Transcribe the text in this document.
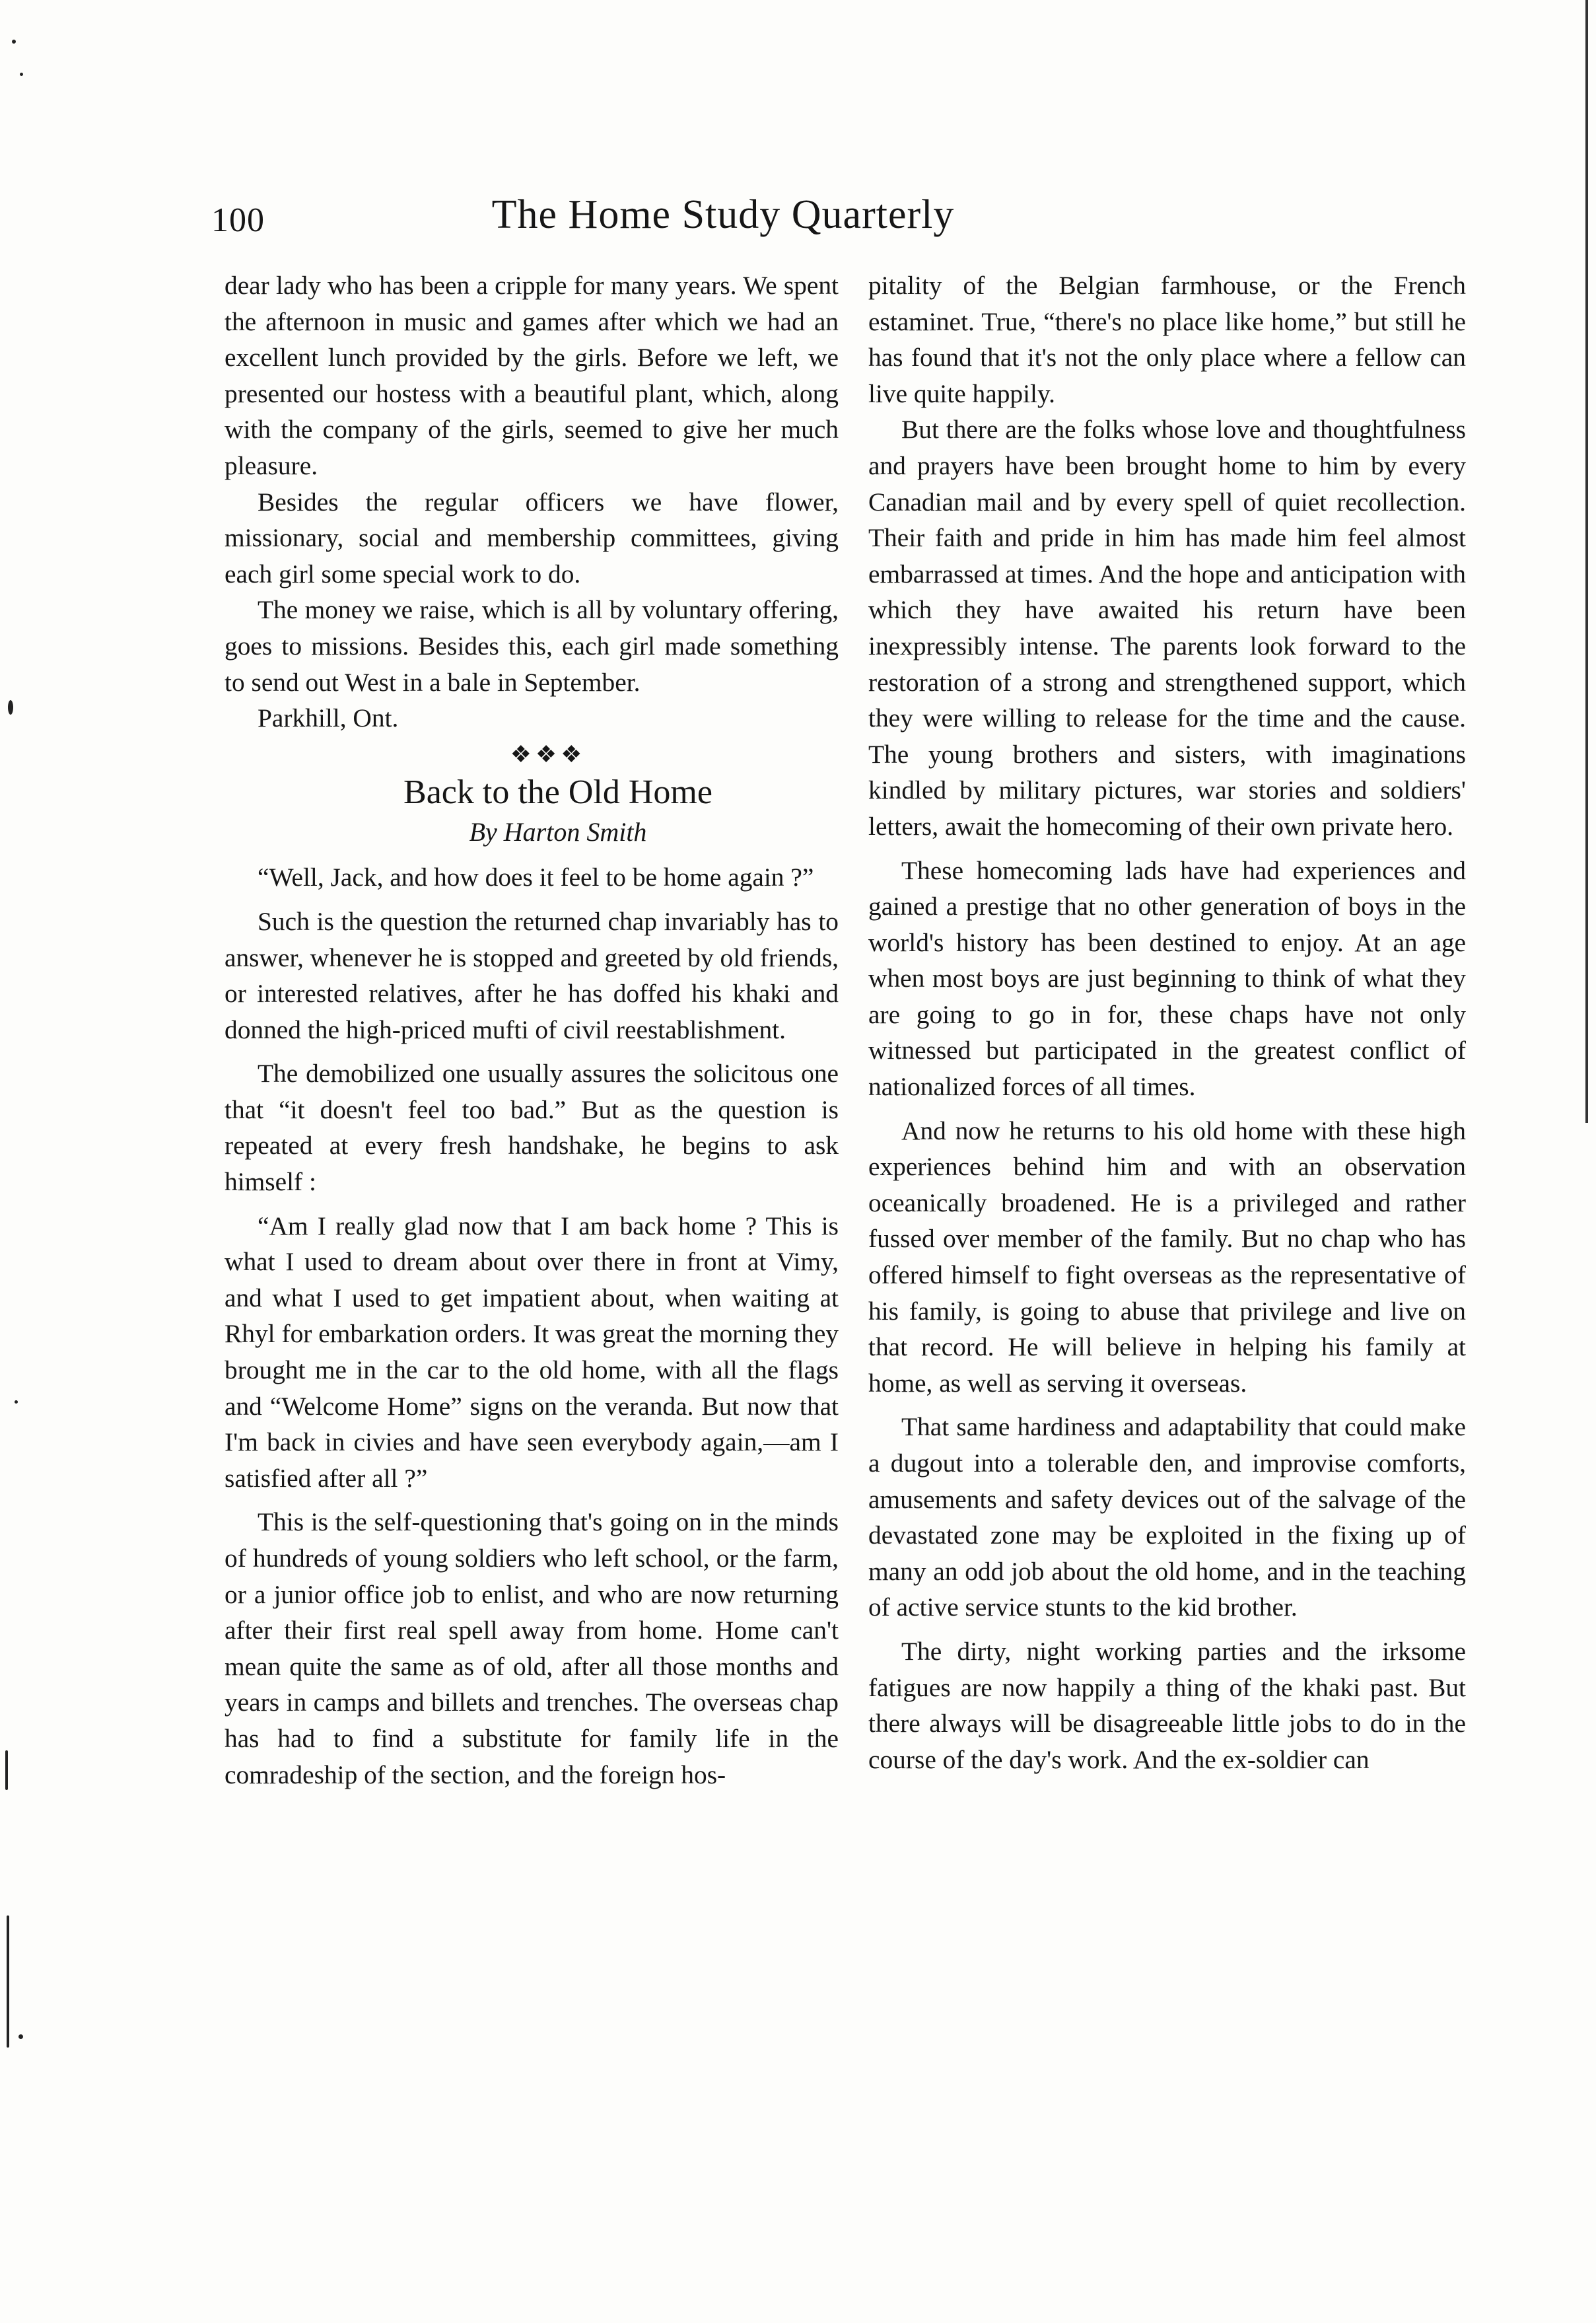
100	The Home Study Quarterly

dear lady who has been a cripple for many years. We spent the afternoon in music and games after which we had an excellent lunch provided by the girls. Before we left, we presented our hostess with a beautiful plant, which, along with the company of the girls, seemed to give her much pleasure.

Besides the regular officers we have flower, missionary, social and membership committees, giving each girl some special work to do.

The money we raise, which is all by voluntary offering, goes to missions. Besides this, each girl made something to send out West in a bale in September.

Parkhill, Ont.

❖❖❖

Back to the Old Home

By Harton Smith

“Well, Jack, and how does it feel to be home again ?”

Such is the question the returned chap invariably has to answer, whenever he is stopped and greeted by old friends, or interested relatives, after he has doffed his khaki and donned the high-priced mufti of civil reestablishment.

The demobilized one usually assures the solicitous one that “it doesn't feel too bad.” But as the question is repeated at every fresh handshake, he begins to ask himself :

“Am I really glad now that I am back home ? This is what I used to dream about over there in front at Vimy, and what I used to get impatient about, when waiting at Rhyl for embarkation orders. It was great the morning they brought me in the car to the old home, with all the flags and “Welcome Home” signs on the veranda. But now that I'm back in civies and have seen everybody again,—am I satisfied after all ?”

This is the self-questioning that's going on in the minds of hundreds of young soldiers who left school, or the farm, or a junior office job to enlist, and who are now returning after their first real spell away from home. Home can't mean quite the same as of old, after all those months and years in camps and billets and trenches. The overseas chap has had to find a substitute for family life in the comradeship of the section, and the foreign hos-

pitality of the Belgian farmhouse, or the French estaminet. True, “there's no place like home,” but still he has found that it's not the only place where a fellow can live quite happily.

But there are the folks whose love and thoughtfulness and prayers have been brought home to him by every Canadian mail and by every spell of quiet recollection. Their faith and pride in him has made him feel almost embarrassed at times. And the hope and anticipation with which they have awaited his return have been inexpressibly intense. The parents look forward to the restoration of a strong and strengthened support, which they were willing to release for the time and the cause. The young brothers and sisters, with imaginations kindled by military pictures, war stories and soldiers' letters, await the homecoming of their own private hero.

These homecoming lads have had experiences and gained a prestige that no other generation of boys in the world's history has been destined to enjoy. At an age when most boys are just beginning to think of what they are going to go in for, these chaps have not only witnessed but participated in the greatest conflict of nationalized forces of all times.

And now he returns to his old home with these high experiences behind him and with an observation oceanically broadened. He is a privileged and rather fussed over member of the family. But no chap who has offered himself to fight overseas as the representative of his family, is going to abuse that privilege and live on that record. He will believe in helping his family at home, as well as serving it overseas.

That same hardiness and adaptability that could make a dugout into a tolerable den, and improvise comforts, amusements and safety devices out of the salvage of the devastated zone may be exploited in the fixing up of many an odd job about the old home, and in the teaching of active service stunts to the kid brother.

The dirty, night working parties and the irksome fatigues are now happily a thing of the khaki past. But there always will be disagreeable little jobs to do in the course of the day's work. And the ex-soldier can
